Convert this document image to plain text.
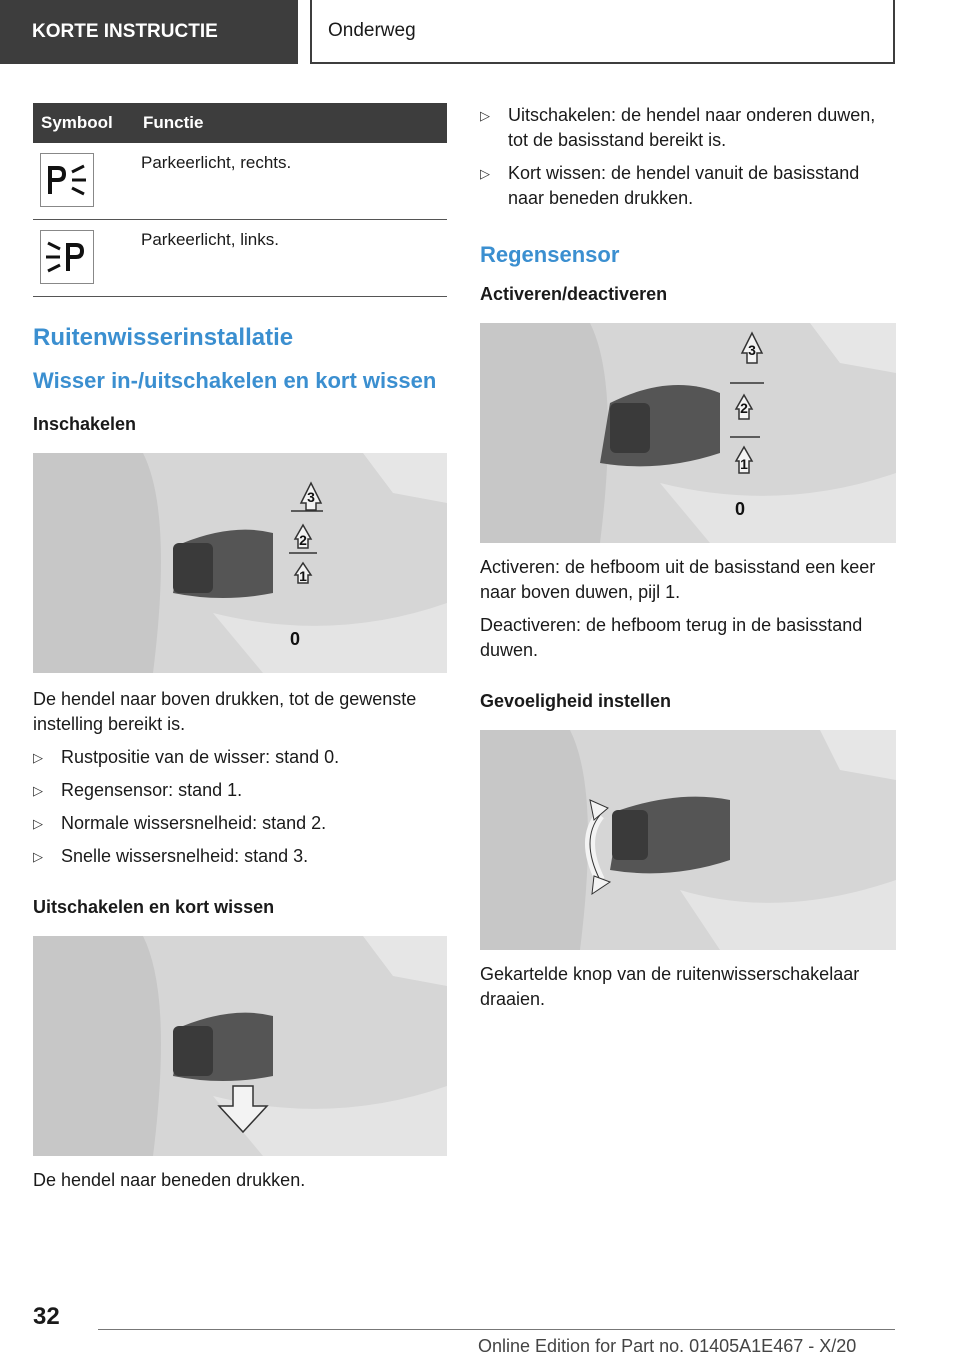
KORTE INSTRUCTIE	Onderweg
Symbool	Functie

	Parkeerlicht, rechts.

	Parkeerlicht, links.
Ruitenwisserinstallatie
Wisser in-/uitschakelen en kort wissen
Inschakelen
3
2
1
0

De hendel naar boven drukken, tot de gewenste instelling bereikt is.

▷ Rustpositie van de wisser: stand 0.
▷ Regensensor: stand 1.
▷ Normale wissersnelheid: stand 2.
▷ Snelle wissersnelheid: stand 3.
Uitschakelen en kort wissen

De hendel naar beneden drukken.

▷ Uitschakelen: de hendel naar onderen duwen, tot de basisstand bereikt is.
▷ Kort wissen: de hendel vanuit de basisstand naar beneden drukken.
Regensensor
Activeren/deactiveren
3
2
1
0

Activeren: de hefboom uit de basisstand een keer naar boven duwen, pijl 1.

Deactiveren: de hefboom terug in de basisstand duwen.

Gevoeligheid instellen

Gekartelde knop van de ruitenwisserschakelaar draaien.

32
Online Edition for Part no. 01405A1E467 - X/20
